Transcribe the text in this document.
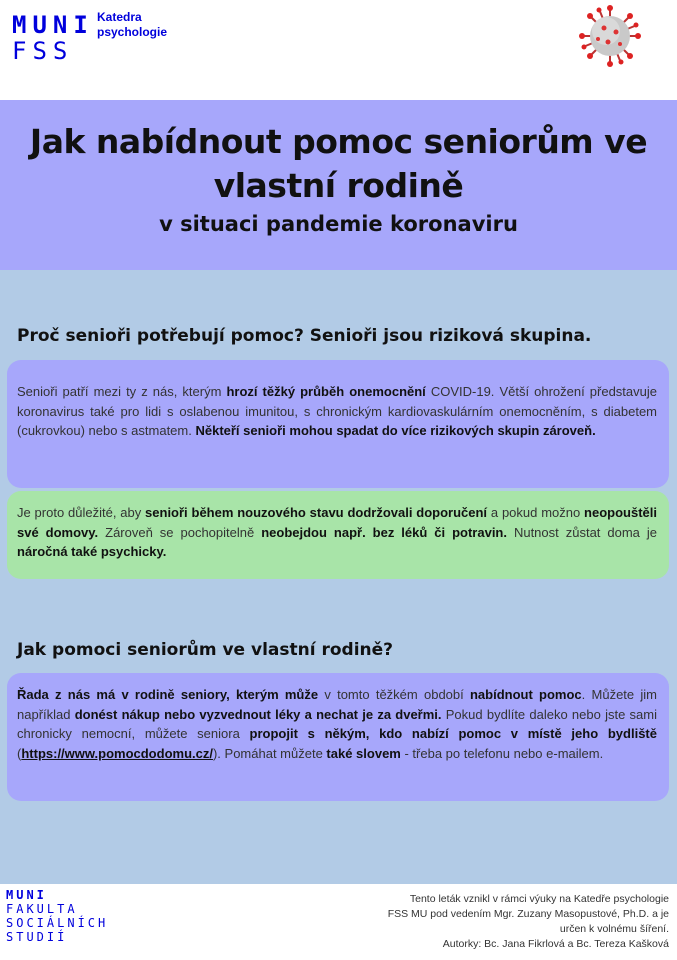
MUNI
FSS
Katedra
psychologie
Jak nabídnout pomoc seniorům ve
vlastní rodině
v situaci pandemie koronaviru
Proč senioři potřebují pomoc? Senioři jsou riziková skupina.

Senioři patří mezi ty z nás, kterým hrozí těžký průběh onemocnění COVID-19. Větší ohrožení představuje koronavirus také pro lidi s oslabenou imunitou, s chronickým kardiovaskulárním onemocněním, s diabetem (cukrovkou) nebo s astmatem. Někteří senioři mohou spadat do více rizikových skupin zároveň.

Je proto důležité, aby senioři během nouzového stavu dodržovali doporučení a pokud možno neopouštěli své domovy. Zároveň se pochopitelně neobejdou např. bez léků či potravin. Nutnost zůstat doma je náročná také psychicky.

Jak pomoci seniorům ve vlastní rodině?

Řada z nás má v rodině seniory, kterým může v tomto těžkém období nabídnout pomoc. Můžete jim například donést nákup nebo vyzvednout léky a nechat je za dveřmi. Pokud bydlíte daleko nebo jste sami chronicky nemocní, můžete seniora propojit s někým, kdo nabízí pomoc v místě jeho bydliště (https://www.pomocdodomu.cz/). Pomáhat můžete také slovem - třeba po telefonu nebo e-mailem.

MUNI
FAKULTA
SOCIÁLNÍCH
STUDIÍ
Tento leták vznikl v rámci výuky na Katedře psychologie
FSS MU pod vedením Mgr. Zuzany Masopustové, Ph.D. a je
určen k volnému šíření.
Autorky: Bc. Jana Fikrlová a Bc. Tereza Kašková
